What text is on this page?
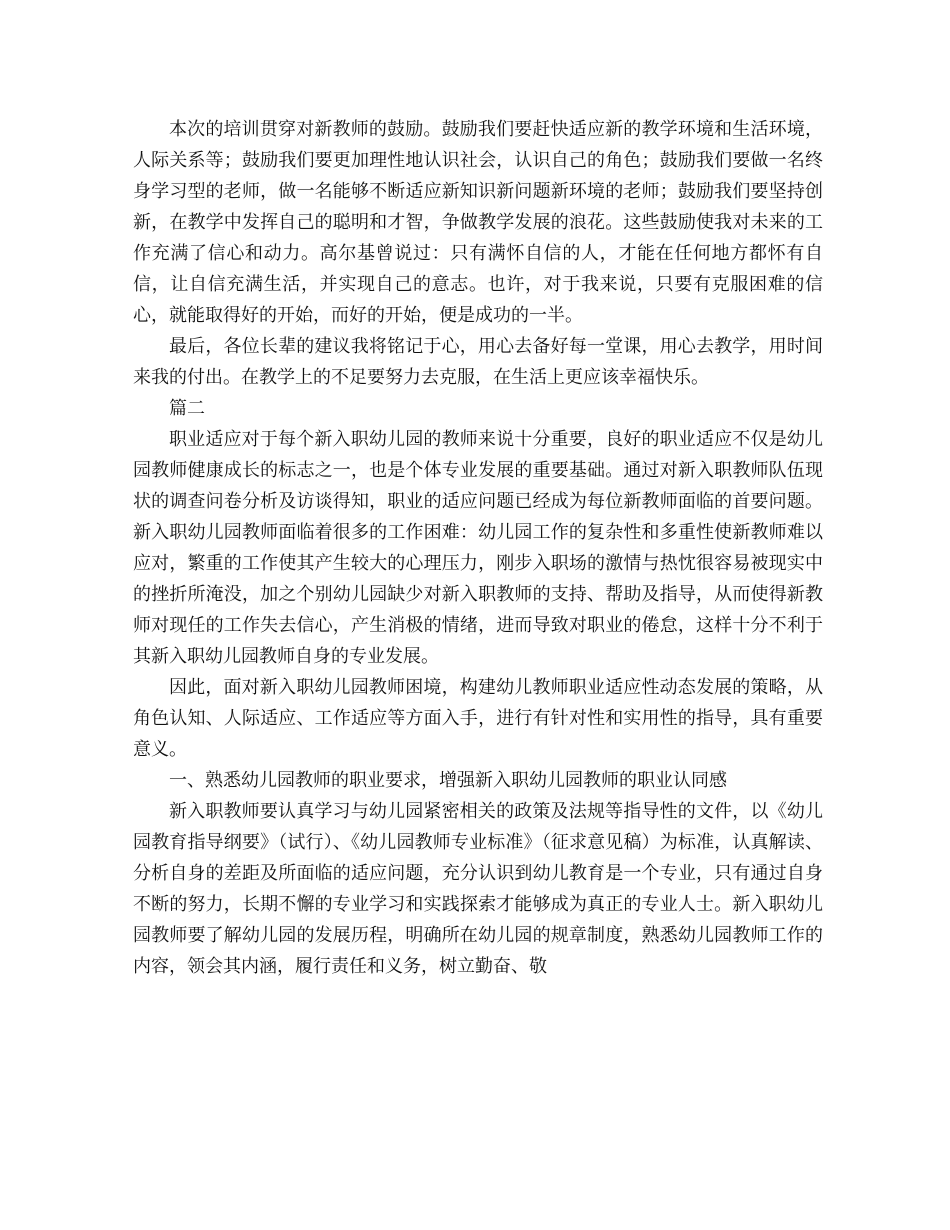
本次的培训贯穿对新教师的鼓励。鼓励我们要赶快适应新的教学环境和生活环境，人际关系等；鼓励我们要更加理性地认识社会，认识自己的角色；鼓励我们要做一名终身学习型的老师，做一名能够不断适应新知识新问题新环境的老师；鼓励我们要坚持创新，在教学中发挥自己的聪明和才智，争做教学发展的浪花。这些鼓励使我对未来的工作充满了信心和动力。高尔基曾说过：只有满怀自信的人，才能在任何地方都怀有自信，让自信充满生活，并实现自己的意志。也许，对于我来说，只要有克服困难的信心，就能取得好的开始，而好的开始，便是成功的一半。

最后，各位长辈的建议我将铭记于心，用心去备好每一堂课，用心去教学，用时间来我的付出。在教学上的不足要努力去克服，在生活上更应该幸福快乐。

篇二

职业适应对于每个新入职幼儿园的教师来说十分重要，良好的职业适应不仅是幼儿园教师健康成长的标志之一，也是个体专业发展的重要基础。通过对新入职教师队伍现状的调查问卷分析及访谈得知，职业的适应问题已经成为每位新教师面临的首要问题。新入职幼儿园教师面临着很多的工作困难：幼儿园工作的复杂性和多重性使新教师难以应对，繁重的工作使其产生较大的心理压力，刚步入职场的激情与热忱很容易被现实中的挫折所淹没，加之个别幼儿园缺少对新入职教师的支持、帮助及指导，从而使得新教师对现任的工作失去信心，产生消极的情绪，进而导致对职业的倦怠，这样十分不利于其新入职幼儿园教师自身的专业发展。

因此，面对新入职幼儿园教师困境，构建幼儿教师职业适应性动态发展的策略，从角色认知、人际适应、工作适应等方面入手，进行有针对性和实用性的指导，具有重要意义。

一、熟悉幼儿园教师的职业要求，增强新入职幼儿园教师的职业认同感

新入职教师要认真学习与幼儿园紧密相关的政策及法规等指导性的文件，以《幼儿园教育指导纲要》（试行）、《幼儿园教师专业标准》（征求意见稿）为标准，认真解读、分析自身的差距及所面临的适应问题，充分认识到幼儿教育是一个专业，只有通过自身不断的努力，长期不懈的专业学习和实践探索才能够成为真正的专业人士。新入职幼儿园教师要了解幼儿园的发展历程，明确所在幼儿园的规章制度，熟悉幼儿园教师工作的内容，领会其内涵，履行责任和义务，树立勤奋、敬
